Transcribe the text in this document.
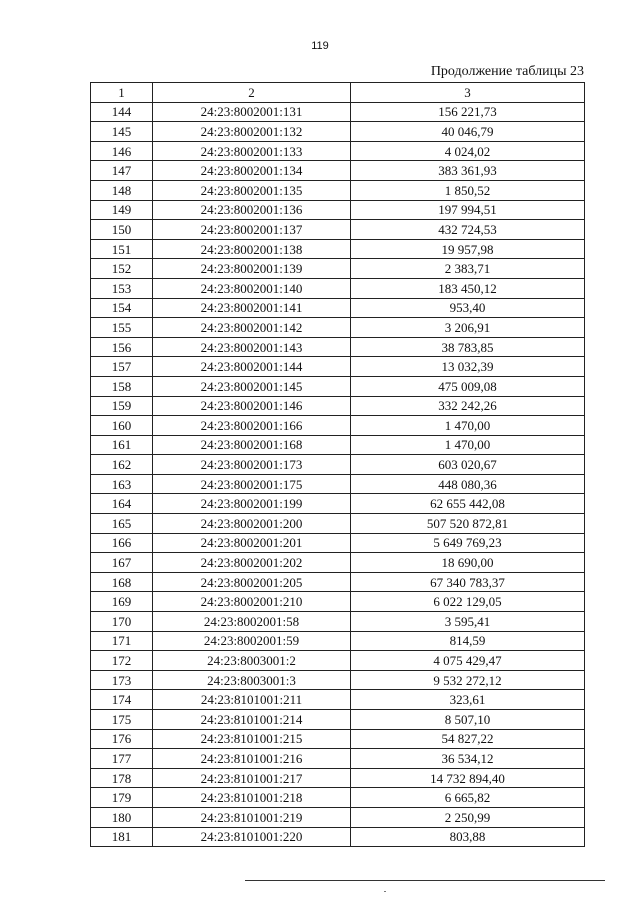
119
Продолжение таблицы 23
1	2	3
144	24:23:8002001:131	156 221,73
145	24:23:8002001:132	40 046,79
146	24:23:8002001:133	4 024,02
147	24:23:8002001:134	383 361,93
148	24:23:8002001:135	1 850,52
149	24:23:8002001:136	197 994,51
150	24:23:8002001:137	432 724,53
151	24:23:8002001:138	19 957,98
152	24:23:8002001:139	2 383,71
153	24:23:8002001:140	183 450,12
154	24:23:8002001:141	953,40
155	24:23:8002001:142	3 206,91
156	24:23:8002001:143	38 783,85
157	24:23:8002001:144	13 032,39
158	24:23:8002001:145	475 009,08
159	24:23:8002001:146	332 242,26
160	24:23:8002001:166	1 470,00
161	24:23:8002001:168	1 470,00
162	24:23:8002001:173	603 020,67
163	24:23:8002001:175	448 080,36
164	24:23:8002001:199	62 655 442,08
165	24:23:8002001:200	507 520 872,81
166	24:23:8002001:201	5 649 769,23
167	24:23:8002001:202	18 690,00
168	24:23:8002001:205	67 340 783,37
169	24:23:8002001:210	6 022 129,05
170	24:23:8002001:58	3 595,41
171	24:23:8002001:59	814,59
172	24:23:8003001:2	4 075 429,47
173	24:23:8003001:3	9 532 272,12
174	24:23:8101001:211	323,61
175	24:23:8101001:214	8 507,10
176	24:23:8101001:215	54 827,22
177	24:23:8101001:216	36 534,12
178	24:23:8101001:217	14 732 894,40
179	24:23:8101001:218	6 665,82
180	24:23:8101001:219	2 250,99
181	24:23:8101001:220	803,88
